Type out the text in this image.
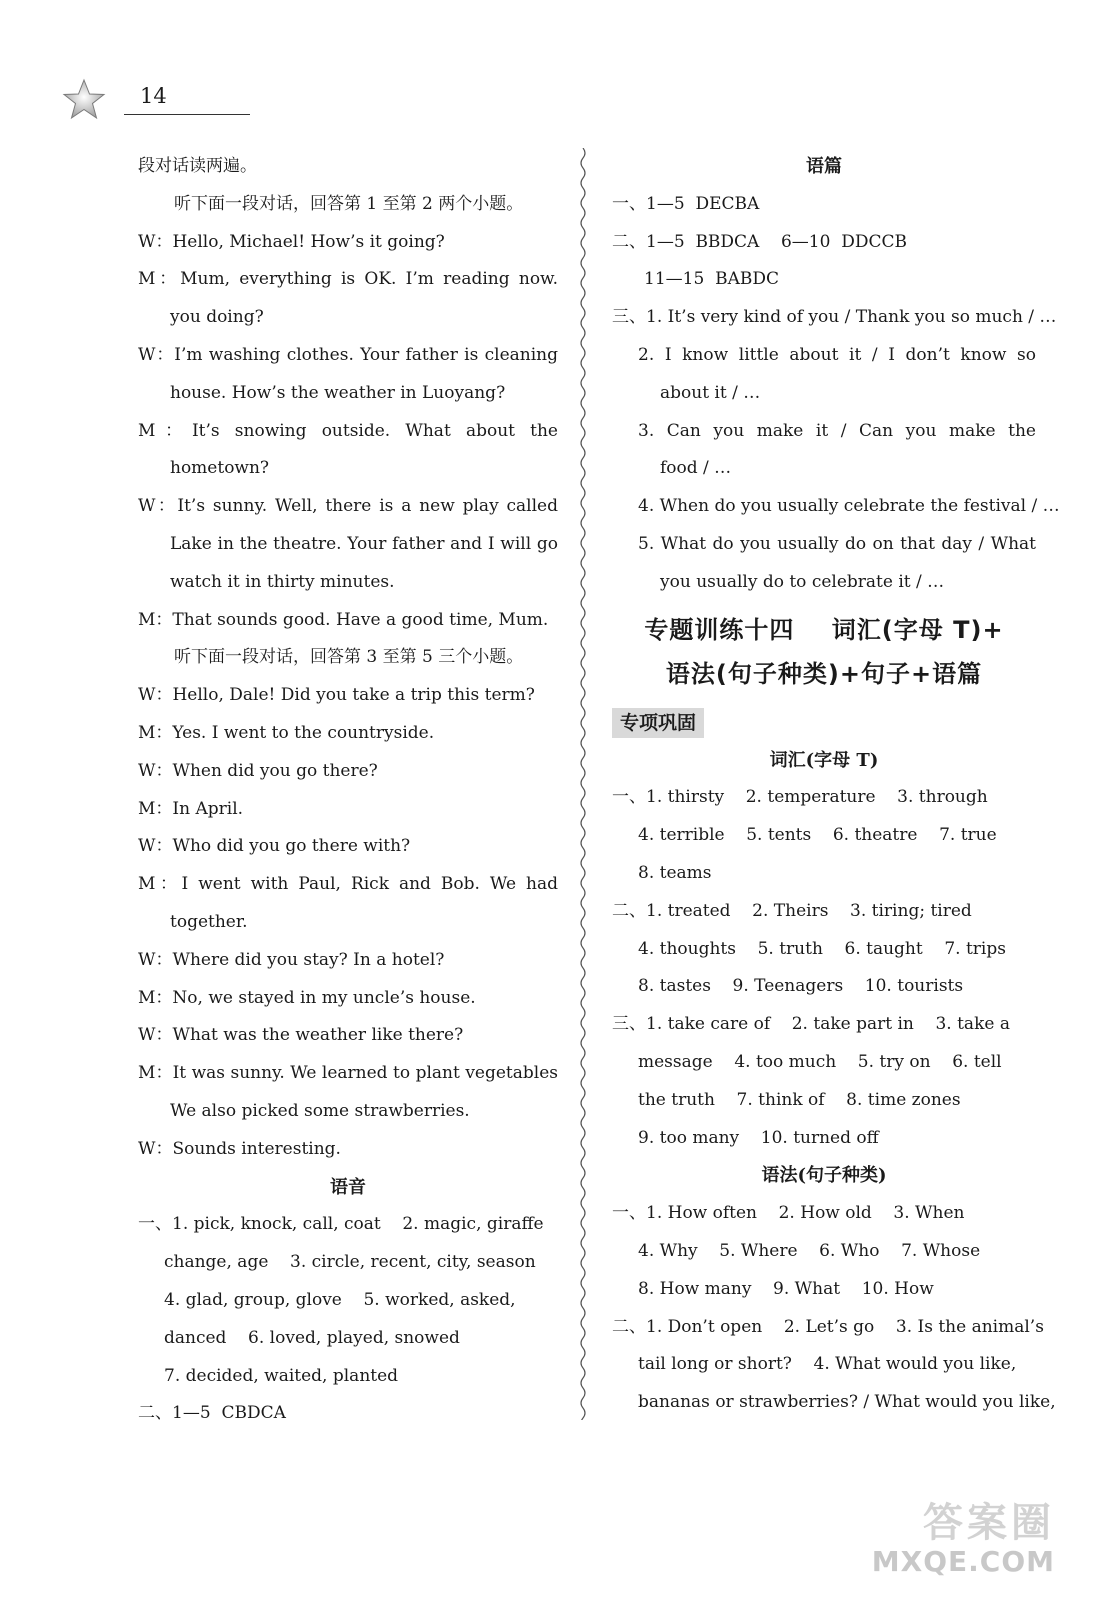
14
段对话读两遍。
听下面一段对话，回答第 1 至第 2 两个小题。
W：Hello, Michael! How’s it going?
M：Mum, everything is OK. I’m reading now.
you doing?
W：I’m washing clothes. Your father is cleaning
house. How’s the weather in Luoyang?
M：It’s snowing outside. What about the
hometown?
W：It’s sunny. Well, there is a new play called
Lake in the theatre. Your father and I will go
watch it in thirty minutes.
M：That sounds good. Have a good time, Mum.
听下面一段对话，回答第 3 至第 5 三个小题。
W：Hello, Dale! Did you take a trip this term?
M：Yes. I went to the countryside.
W：When did you go there?
M：In April.
W：Who did you go there with?
M：I went with Paul, Rick and Bob. We had
together.
W：Where did you stay? In a hotel?
M：No, we stayed in my uncle’s house.
W：What was the weather like there?
M：It was sunny. We learned to plant vegetables
We also picked some strawberries.
W：Sounds interesting.
语音
一、1. pick, knock, call, coat    2. magic, giraffe
change, age    3. circle, recent, city, season
4. glad, group, glove    5. worked, asked,
danced    6. loved, played, snowed
7. decided, waited, planted
二、1—5  CBDCA
语篇
一、1—5  DECBA
二、1—5  BBDCA    6—10  DDCCB
11—15  BABDC
三、1. It’s very kind of you / Thank you so much / …
2. I know little about it / I don’t know so
about it / …
3. Can you make it / Can you make the
food / …
4. When do you usually celebrate the festival / …
5. What do you usually do on that day / What
you usually do to celebrate it / …
专题训练十四    词汇(字母 T)+
语法(句子种类)+句子+语篇
专项巩固
词汇(字母 T)
一、1. thirsty    2. temperature    3. through
4. terrible    5. tents    6. theatre    7. true
8. teams
二、1. treated    2. Theirs    3. tiring; tired
4. thoughts    5. truth    6. taught    7. trips
8. tastes    9. Teenagers    10. tourists
三、1. take care of    2. take part in    3. take a
message    4. too much    5. try on    6. tell
the truth    7. think of    8. time zones
9. too many    10. turned off
语法(句子种类)
一、1. How often    2. How old    3. When
4. Why    5. Where    6. Who    7. Whose
8. How many    9. What    10. How
二、1. Don’t open    2. Let’s go    3. Is the animal’s
tail long or short?    4. What would you like,
bananas or strawberries? / What would you like,
答案圈
MXQE.COM
